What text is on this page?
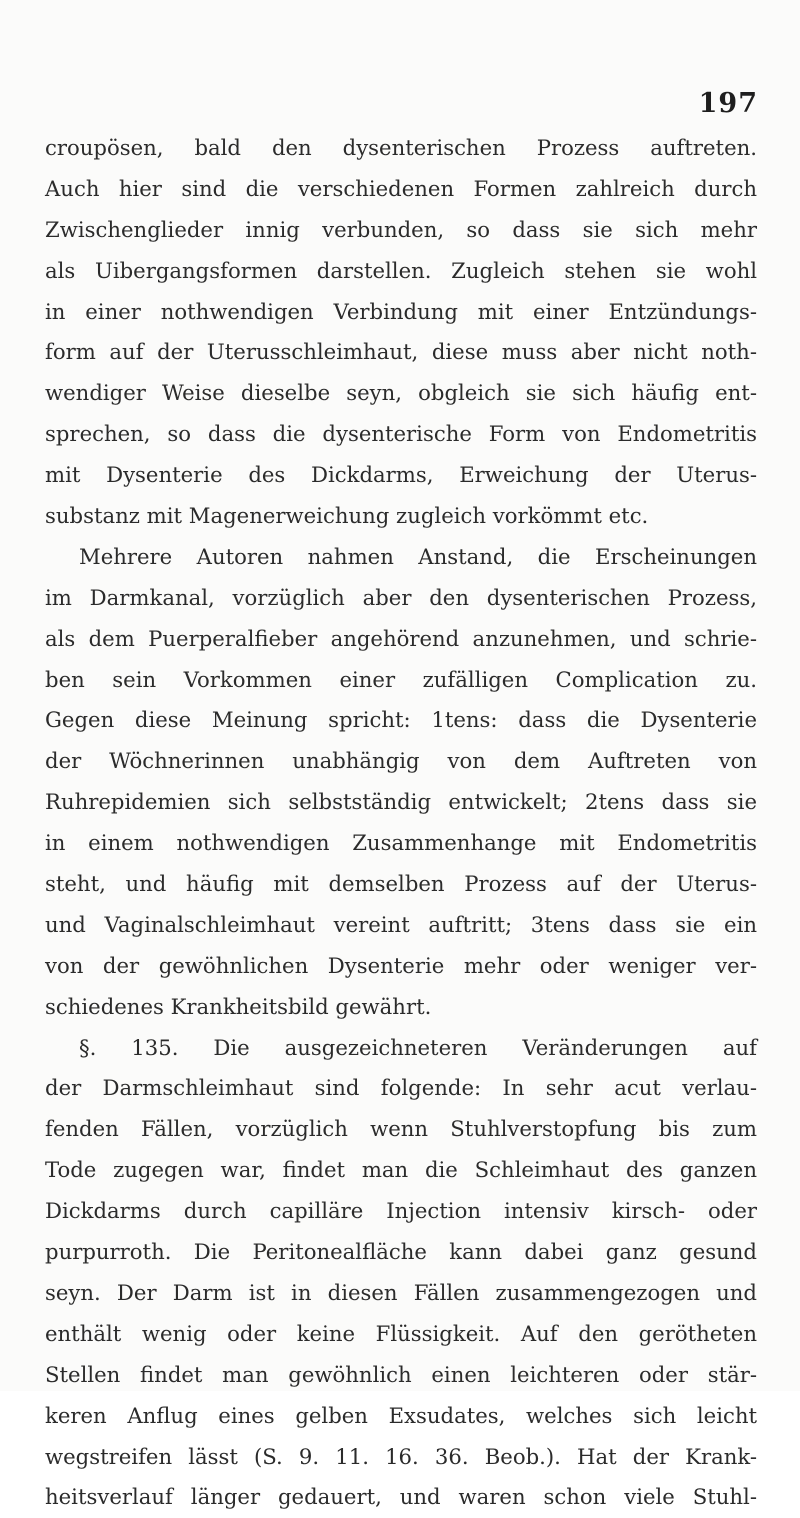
197
croupösen, bald den dysenterischen Prozess auftreten.
Auch hier sind die verschiedenen Formen zahlreich durch
Zwischenglieder innig verbunden, so dass sie sich mehr
als Uibergangsformen darstellen. Zugleich stehen sie wohl
in einer nothwendigen Verbindung mit einer Entzündungs-
form auf der Uterusschleimhaut, diese muss aber nicht noth-
wendiger Weise dieselbe seyn, obgleich sie sich häufig ent-
sprechen, so dass die dysenterische Form von Endometritis
mit Dysenterie des Dickdarms, Erweichung der Uterus-
substanz mit Magenerweichung zugleich vorkömmt etc.
Mehrere Autoren nahmen Anstand, die Erscheinungen
im Darmkanal, vorzüglich aber den dysenterischen Prozess,
als dem Puerperalfieber angehörend anzunehmen, und schrie-
ben sein Vorkommen einer zufälligen Complication zu.
Gegen diese Meinung spricht: 1tens: dass die Dysenterie
der Wöchnerinnen unabhängig von dem Auftreten von
Ruhrepidemien sich selbstständig entwickelt; 2tens dass sie
in einem nothwendigen Zusammenhange mit Endometritis
steht, und häufig mit demselben Prozess auf der Uterus-
und Vaginalschleimhaut vereint auftritt; 3tens dass sie ein
von der gewöhnlichen Dysenterie mehr oder weniger ver-
schiedenes Krankheitsbild gewährt.
§. 135. Die ausgezeichneteren Veränderungen auf
der Darmschleimhaut sind folgende: In sehr acut verlau-
fenden Fällen, vorzüglich wenn Stuhlverstopfung bis zum
Tode zugegen war, findet man die Schleimhaut des ganzen
Dickdarms durch capilläre Injection intensiv kirsch- oder
purpurroth. Die Peritonealfläche kann dabei ganz gesund
seyn. Der Darm ist in diesen Fällen zusammengezogen und
enthält wenig oder keine Flüssigkeit. Auf den gerötheten
Stellen findet man gewöhnlich einen leichteren oder stär-
keren Anflug eines gelben Exsudates, welches sich leicht
wegstreifen lässt (S. 9. 11. 16. 36. Beob.). Hat der Krank-
heitsverlauf länger gedauert, und waren schon viele Stuhl-
